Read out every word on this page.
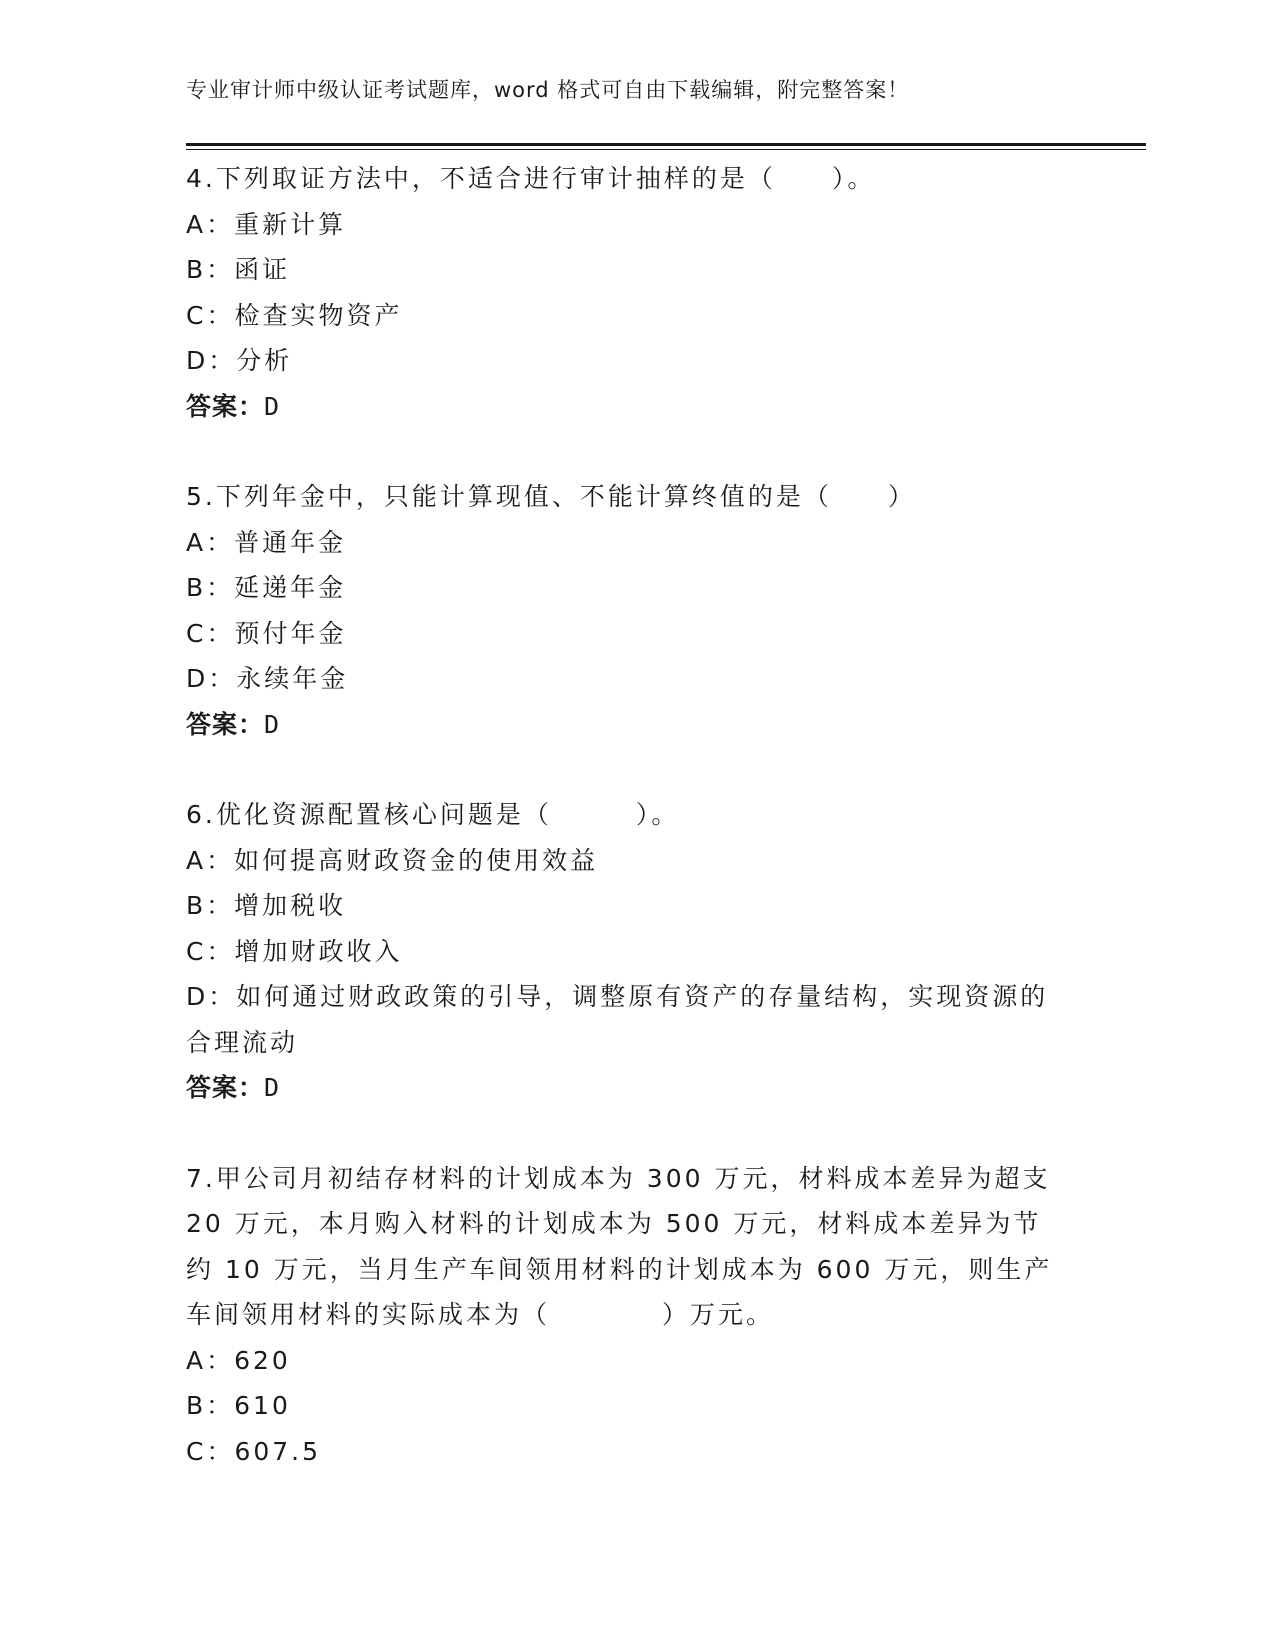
专业审计师中级认证考试题库，word 格式可自由下载编辑，附完整答案！

4.下列取证方法中，不适合进行审计抽样的是（　　）。

A：重新计算

B：函证

C：检查实物资产

D：分析

答案：D

5.下列年金中，只能计算现值、不能计算终值的是（　　）

A：普通年金

B：延递年金

C：预付年金

D：永续年金

答案：D

6.优化资源配置核心问题是（　　　）。

A：如何提高财政资金的使用效益

B：增加税收

C：增加财政收入

D：如何通过财政政策的引导，调整原有资产的存量结构，实现资源的合理流动

答案：D

7.甲公司月初结存材料的计划成本为 300 万元，材料成本差异为超支 20 万元，本月购入材料的计划成本为 500 万元，材料成本差异为节约 10 万元，当月生产车间领用材料的计划成本为 600 万元，则生产车间领用材料的实际成本为（　　　　）万元。

A：620

B：610

C：607.5
